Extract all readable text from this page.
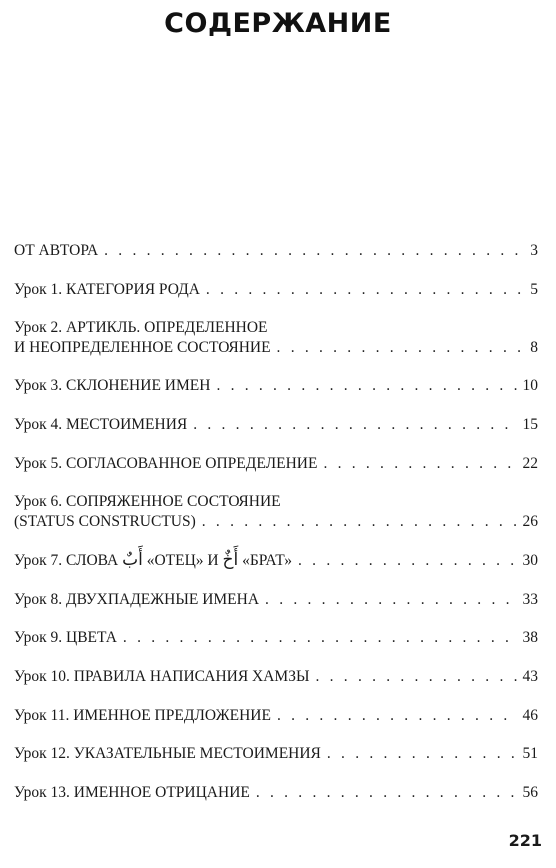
СОДЕРЖАНИЕ
ОТ АВТОРА . . .	3
Урок 1. КАТЕГОРИЯ РОДА . . .	5
Урок 2. АРТИКЛЬ. ОПРЕДЕЛЕННОЕ
И НЕОПРЕДЕЛЕННОЕ СОСТОЯНИЕ . . .	8
Урок 3. СКЛОНЕНИЕ ИМЕН . . .	10
Урок 4. МЕСТОИМЕНИЯ . . .	15
Урок 5. СОГЛАСОВАННОЕ ОПРЕДЕЛЕНИЕ . . .	22
Урок 6. СОПРЯЖЕННОЕ СОСТОЯНИЕ
(STATUS CONSTRUCTUS) . . .	26
Урок 7. СЛОВА أَبٌ «ОТЕЦ» И أَخٌ «БРАТ» . . .	30
Урок 8. ДВУХПАДЕЖНЫЕ ИМЕНА . . .	33
Урок 9. ЦВЕТА . . .	38
Урок 10. ПРАВИЛА НАПИСАНИЯ ХАМЗЫ . . .	43
Урок 11. ИМЕННОЕ ПРЕДЛОЖЕНИЕ . . .	46
Урок 12. УКАЗАТЕЛЬНЫЕ МЕСТОИМЕНИЯ . . .	51
Урок 13. ИМЕННОЕ ОТРИЦАНИЕ . . .	56
221
